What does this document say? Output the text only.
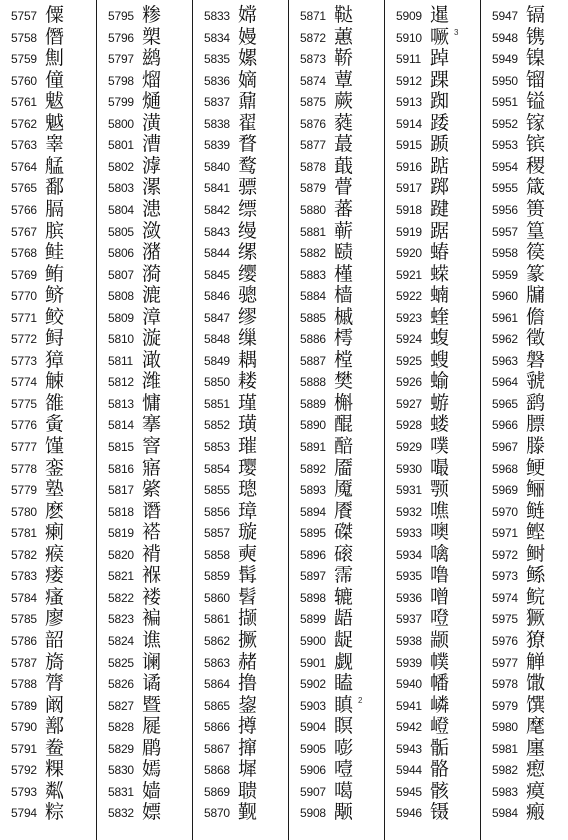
5757 僳
5758 僭
5759 劁
5760 僮
5761 魃
5762 魆
5763 睾
5764 艋
5765 鄱
5766 膈
5767 膑
5768 鲑
5769 鲔
5770 鲚
5771 鲛
5772 鲟
5773 獐
5774 觫
5775 雒
5776 夤
5777 馑
5778 銮
5779 塾
5780 麽
5781 瘌
5782 瘊
5783 瘘
5784 瘙
5785 廖
5786 韶
5787 旖
5788 膂
5789 阚
5790 鄯
5791 鲞
5792 粿
5793 粼
5794 粽
5795 糁
5796 槊
5797 鹚
5798 熘
5799 熥
5800 潢
5801 漕
5802 滹
5803 漯
5804 漶
5805 潋
5806 潴
5807 漪
5808 漉
5809 漳
5810 漩
5811 澉
5812 潍
5813 慵
5814 搴
5815 窨
5816 寤
5817 綮
5818 谮
5819 褡
5820 褙
5821 褓
5822 褛
5823 褊
5824 谯
5825 谰
5826 谲
5827 暨
5828 屣
5829 鹛
5830 嫣
5831 嫱
5832 嫖
5833 嫦
5834 嫚
5835 嫘
5836 嫡
5837 鼐
5838 翟
5839 瞀
5840 鹜
5841 骠
5842 缥
5843 缦
5844 缧
5845 缨
5846 骢
5847 缪
5848 缫
5849 耦
5850 耧
5851 瑾
5852 璜
5853 璀
5854 璎
5855 璁
5856 璋
5857 璇
5858 奭
5859 髯
5860 髫
5861 撷
5862 撅
5863 赭
5864 撸
5865 鋆
5866 撙
5867 撺
5868 墀
5869 聩
5870 觐
5871 鞑
5872 蕙
5873 鞒
5874 蕈
5875 蕨
5876 蕤
5877 蕞
5878 蕺
5879 瞢
5880 蕃
5881 蕲
5882 赜
5883 槿
5884 樯
5885 槭
5886 樗
5887 樘
5888 樊
5889 槲
5890 醌
5891 醅
5892 靥
5893 魇
5894 餍
5895 磔
5896 磙
5897 霈
5898 辘
5899 龉
5900 龊
5901 觑
5902 瞌
5903 瞋 2
5904 瞑
5905 嘭
5906 噎
5907 噶
5908 颙
5909 暹
5910 噘 3
5911 踔
5912 踝
5913 踟
5914 踒
5915 踬
5916 踮
5917 踯
5918 踺
5919 踞
5920 蝽
5921 蝾
5922 蝻
5923 蝰
5924 蝮
5925 螋
5926 蝓
5927 蝣
5928 蝼
5929 噗
5930 嘬
5931 颚
5932 噍
5933 噢
5934 噙
5935 噜
5936 噌
5937 噔
5938 颛
5939 幞
5940 幡
5941 嶙
5942 嶝
5943 骺
5944 骼
5945 骸
5946 镊
5947 镉
5948 镌
5949 镍
5950 镏
5951 镒
5952 镓
5953 镔
5954 稷
5955 箴
5956 篑
5957 篁
5958 篌
5959 篆
5960 牖
5961 儋
5962 徵
5963 磐
5964 虢
5965 鹞
5966 膘
5967 滕
5968 鲠
5969 鲡
5970 鲢
5971 鲣
5972 鲥
5973 鲧
5974 鲩
5975 獗
5976 獠
5977 觯
5978 馓
5979 馔
5980 麾
5981 廛
5982 瘛
5983 瘼
5984 瘢
